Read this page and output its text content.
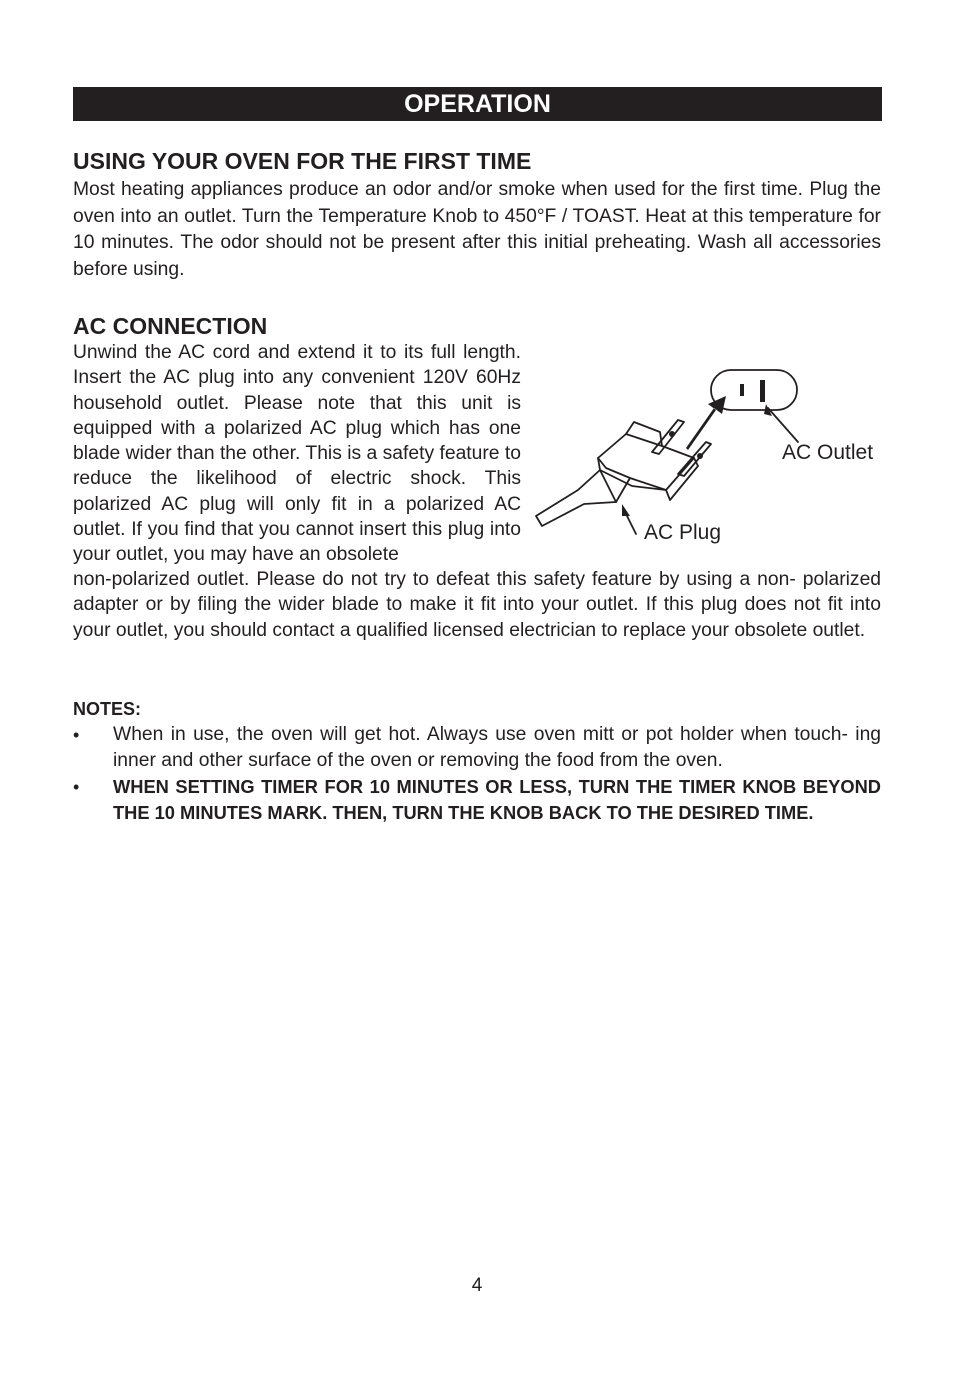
OPERATION
USING YOUR OVEN FOR THE FIRST TIME

Most heating appliances produce an odor and/or smoke when used for the first time. Plug the oven into an outlet. Turn the Temperature Knob to 450°F / TOAST. Heat at this temperature for 10 minutes. The odor should not be present after this initial preheating. Wash all accessories before using.

AC CONNECTION

Unwind the AC cord and extend it to its full length. Insert the AC plug into any convenient 120V 60Hz household outlet. Please note that this unit is equipped with a polarized AC plug which has one blade wider than the other. This is a safety feature to reduce the likelihood of electric shock. This polarized AC plug will only fit in a polarized AC outlet. If you find that you cannot insert this plug into your outlet, you may have an obsolete

non-polarized outlet. Please do not try to defeat this safety feature by using a non- polarized adapter or by filing the wider blade to make it fit into your outlet. If this plug does not fit into your outlet, you should contact a qualified licensed electrician to replace your obsolete outlet.

AC Outlet
AC Plug
NOTES:
• When in use, the oven will get hot. Always use oven mitt or pot holder when touch- ing inner and other surface of the oven or removing the food from the oven.

• WHEN SETTING TIMER FOR 10 MINUTES OR LESS, TURN THE TIMER KNOB BEYOND THE 10 MINUTES MARK. THEN, TURN THE KNOB BACK TO THE DESIRED TIME.

4
